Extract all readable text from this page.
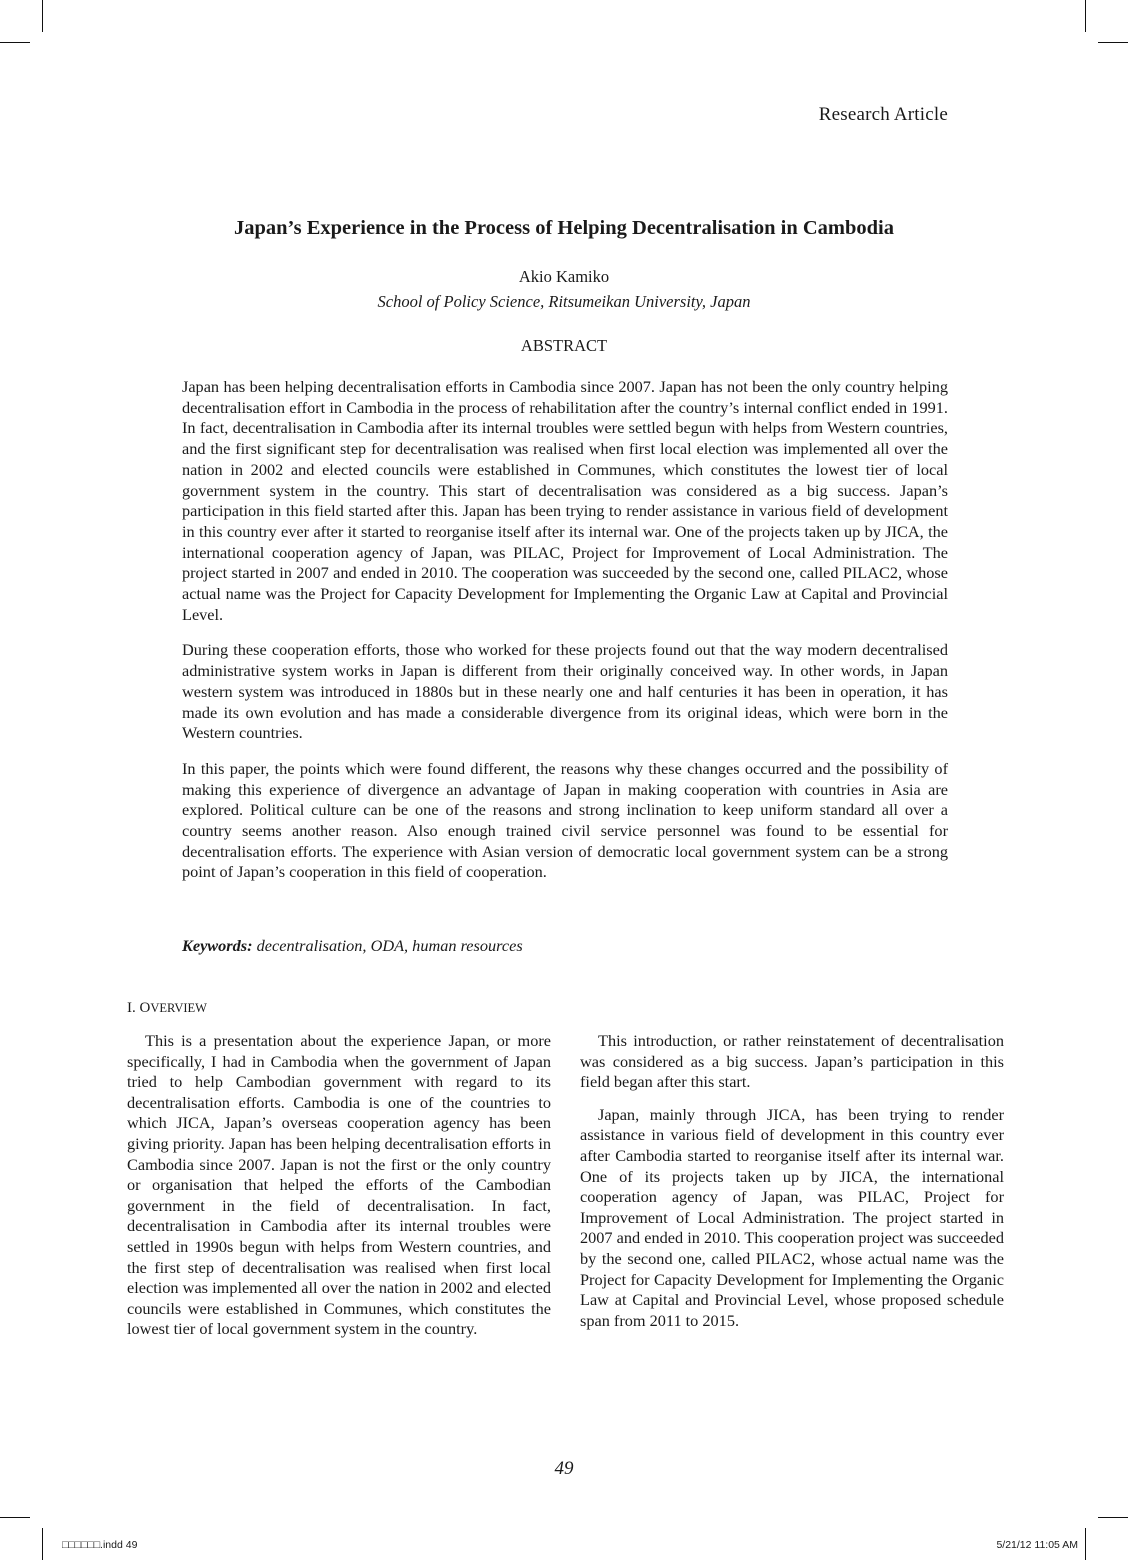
Research Article
Japan’s Experience in the Process of Helping Decentralisation in Cambodia
Akio Kamiko
School of Policy Science, Ritsumeikan University, Japan
ABSTRACT

Japan has been helping decentralisation efforts in Cambodia since 2007. Japan has not been the only country helping decentralisation effort in Cambodia in the process of rehabilitation after the country’s internal conflict ended in 1991. In fact, decentralisation in Cambodia after its internal troubles were settled begun with helps from Western countries, and the first significant step for decentralisation was realised when first local election was implemented all over the nation in 2002 and elected councils were established in Communes, which constitutes the lowest tier of local government system in the country. This start of decentralisation was considered as a big success. Japan’s participation in this field started after this. Japan has been trying to render assistance in various field of development in this country ever after it started to reorganise itself after its internal war. One of the projects taken up by JICA, the international cooperation agency of Japan, was PILAC, Project for Improvement of Local Administration. The project started in 2007 and ended in 2010. The cooperation was succeeded by the second one, called PILAC2, whose actual name was the Project for Capacity Development for Implementing the Organic Law at Capital and Provincial Level.

During these cooperation efforts, those who worked for these projects found out that the way modern decentralised administrative system works in Japan is different from their originally conceived way. In other words, in Japan western system was introduced in 1880s but in these nearly one and half centuries it has been in operation, it has made its own evolution and has made a considerable divergence from its original ideas, which were born in the Western countries.

In this paper, the points which were found different, the reasons why these changes occurred and the possibility of making this experience of divergence an advantage of Japan in making cooperation with countries in Asia are explored. Political culture can be one of the reasons and strong inclination to keep uniform standard all over a country seems another reason. Also enough trained civil service personnel was found to be essential for decentralisation efforts. The experience with Asian version of democratic local government system can be a strong point of Japan’s cooperation in this field of cooperation.

Keywords: decentralisation, ODA, human resources
I. OVERVIEW

This is a presentation about the experience Japan, or more specifically, I had in Cambodia when the government of Japan tried to help Cambodian government with regard to its decentralisation efforts. Cambodia is one of the countries to which JICA, Japan’s overseas cooperation agency has been giving priority. Japan has been helping decentralisation efforts in Cambodia since 2007. Japan is not the first or the only country or organisation that helped the efforts of the Cambodian government in the field of decentralisation. In fact, decentralisation in Cambodia after its internal troubles were settled in 1990s begun with helps from Western countries, and the first step of decentralisation was realised when first local election was implemented all over the nation in 2002 and elected councils were established in Communes, which constitutes the lowest tier of local government system in the country.

This introduction, or rather reinstatement of decentralisation was considered as a big success. Japan’s participation in this field began after this start.

Japan, mainly through JICA, has been trying to render assistance in various field of development in this country ever after Cambodia started to reorganise itself after its internal war. One of its projects taken up by JICA, the international cooperation agency of Japan, was PILAC, Project for Improvement of Local Administration. The project started in 2007 and ended in 2010. This cooperation project was succeeded by the second one, called PILAC2, whose actual name was the Project for Capacity Development for Implementing the Organic Law at Capital and Provincial Level, whose proposed schedule span from 2011 to 2015.

49
□□□□□□.indd 49	5/21/12 11:05 AM
